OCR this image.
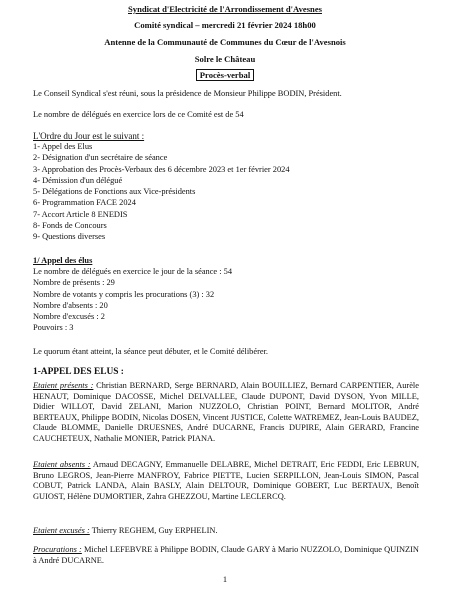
Syndicat d'Electricité de l'Arrondissement d'Avesnes
Comité syndical – mercredi 21 février 2024 18h00
Antenne de la Communauté de Communes du Cœur de l'Avesnois
Solre le Château
Procès-verbal
Le Conseil Syndical s'est réuni, sous la présidence de Monsieur Philippe BODIN, Président.
Le nombre de délégués en exercice lors de ce Comité est de 54
L'Ordre du Jour est le suivant :
1- Appel des Elus
2- Désignation d'un secrétaire de séance
3- Approbation des Procès-Verbaux des 6 décembre 2023 et 1er février 2024
4- Démission d'un délégué
5- Délégations de Fonctions aux Vice-présidents
6- Programmation FACE 2024
7- Accort Article 8 ENEDIS
8- Fonds de Concours
9- Questions diverses
1/ Appel des élus
Le nombre de délégués en exercice le jour de la séance : 54
Nombre de présents : 29
Nombre de votants y compris les procurations (3) : 32
Nombre d'absents : 20
Nombre d'excusés : 2
Pouvoirs : 3
Le quorum étant atteint, la séance peut débuter, et le Comité délibérer.
1-APPEL DES ELUS :

Etaient présents : Christian BERNARD, Serge BERNARD, Alain BOUILLIEZ, Bernard CARPENTIER, Aurèle HENAUT, Dominique DACOSSE, Michel DELVALLEE, Claude DUPONT, David DYSON, Yvon MILLE, Didier WILLOT, David ZELANI, Marion NUZZOLO, Christian POINT, Bernard MOLITOR, André BERTEAUX, Philippe BODIN, Nicolas DOSEN, Vincent JUSTICE, Colette WATREMEZ, Jean-Louis BAUDEZ, Claude BLOMME, Danielle DRUESNES, André DUCARNE, Francis DUPIRE, Alain GERARD, Francine CAUCHETEUX, Nathalie MONIER, Patrick PIANA.

Etaient absents : Arnaud DECAGNY, Emmanuelle DELABRE, Michel DETRAIT, Eric FEDDI, Eric LEBRUN, Bruno LEGROS, Jean-Pierre MANFROY, Fabrice PIETTE, Lucien SERPILLON, Jean-Louis SIMON, Pascal COBUT, Patrick LANDA, Alain BASLY, Alain DELTOUR, Dominique GOBERT, Luc BERTAUX, Benoît GUIOST, Hélène DUMORTIER, Zahra GHEZZOU, Martine LECLERCQ.

Etaient excusés : Thierry REGHEM, Guy ERPHELIN.

Procurations : Michel LEFEBVRE à Philippe BODIN, Claude GARY à Mario NUZZOLO, Dominique QUINZIN à André DUCARNE.

1
